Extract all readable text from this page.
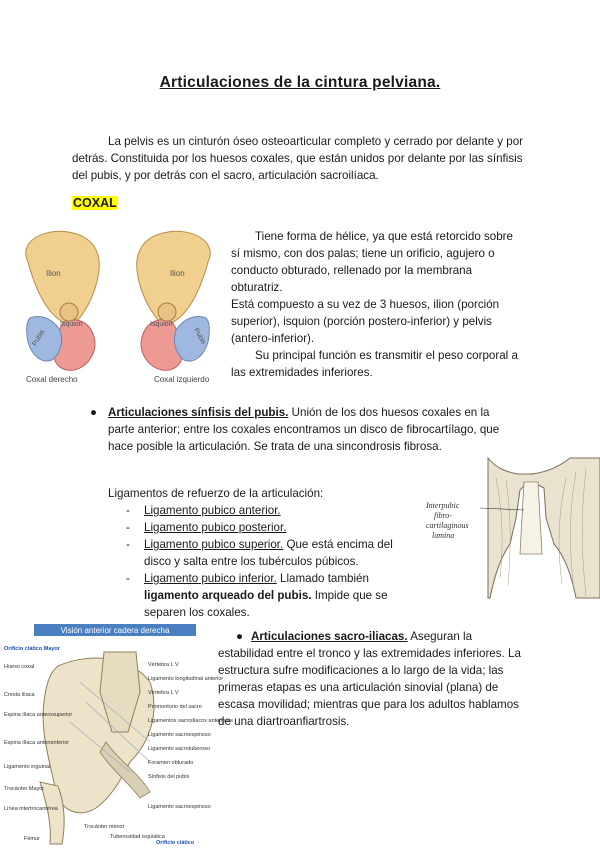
Articulaciones de la cintura pelviana.
La pelvis es un cinturón óseo osteoarticular completo y cerrado por delante y por detrás. Constituida por los huesos coxales, que están unidos por delante por las sínfisis del pubis, y por detrás con el sacro, articulación sacroilíaca.
COXAL
Ilion	Ilion
Isquion	Isquion
Pubis	Pubis
Coxal derecho	Coxal izquierdo
Tiene forma de hélice, ya que está retorcido sobre sí mismo, con dos palas; tiene un orificio, agujero o conducto obturado, rellenado por la membrana obturatriz.
Está compuesto a su vez de 3 huesos, ilion (porción superior), isquion (porción postero-inferior) y pelvis (antero-inferior).
Su principal función es transmitir el peso corporal a las extremidades inferiores.
● Articulaciones sínfisis del pubis. Unión de los dos huesos coxales en la parte anterior; entre los coxales encontramos un disco de fibrocartílago, que hace posible la articulación. Se trata de una sincondrosis fibrosa.
Ligamentos de refuerzo de la articulación:
- Ligamento pubico anterior.
- Ligamento pubico posterior.
- Ligamento pubico superior. Que está encima del disco y salta entre los tubérculos púbicos.
- Ligamento pubico inferior. Llamado también ligamento arqueado del pubis. Impide que se separen los coxales.
Interpubic
fibro-
cartilaginous
lamina
Visión anterior cadera derecha
Orificio ciático Mayor
Hueso coxal
Cresta ilíaca
Espina ilíaca anterosuperior
Espina ilíaca anteroinferior
Ligamento inguinal
Trocánter Mayor
Línea intertrocantérea
Fémur
Vértebra L V
Ligamento longitudinal anterior
Vértebra L V
Promontorio del sacro
Ligamentos sacroilíacos anteriores
Ligamento sacroespinoso
Ligamento sacrotuberoso
Foramen obturado
Sínfisis del pubis
Ligamento sacroespinoso
Orificio ciático
Trocánter menor
Tuberosidad isquiática
● Articulaciones sacro-iliacas. Aseguran la estabilidad entre el tronco y las extremidades inferiores. La estructura sufre modificaciones a lo largo de la vida; las primeras etapas es una articulación sinovial (plana) de escasa movilidad; mientras que para los adultos hablamos de una diartroanfiartrosis.
